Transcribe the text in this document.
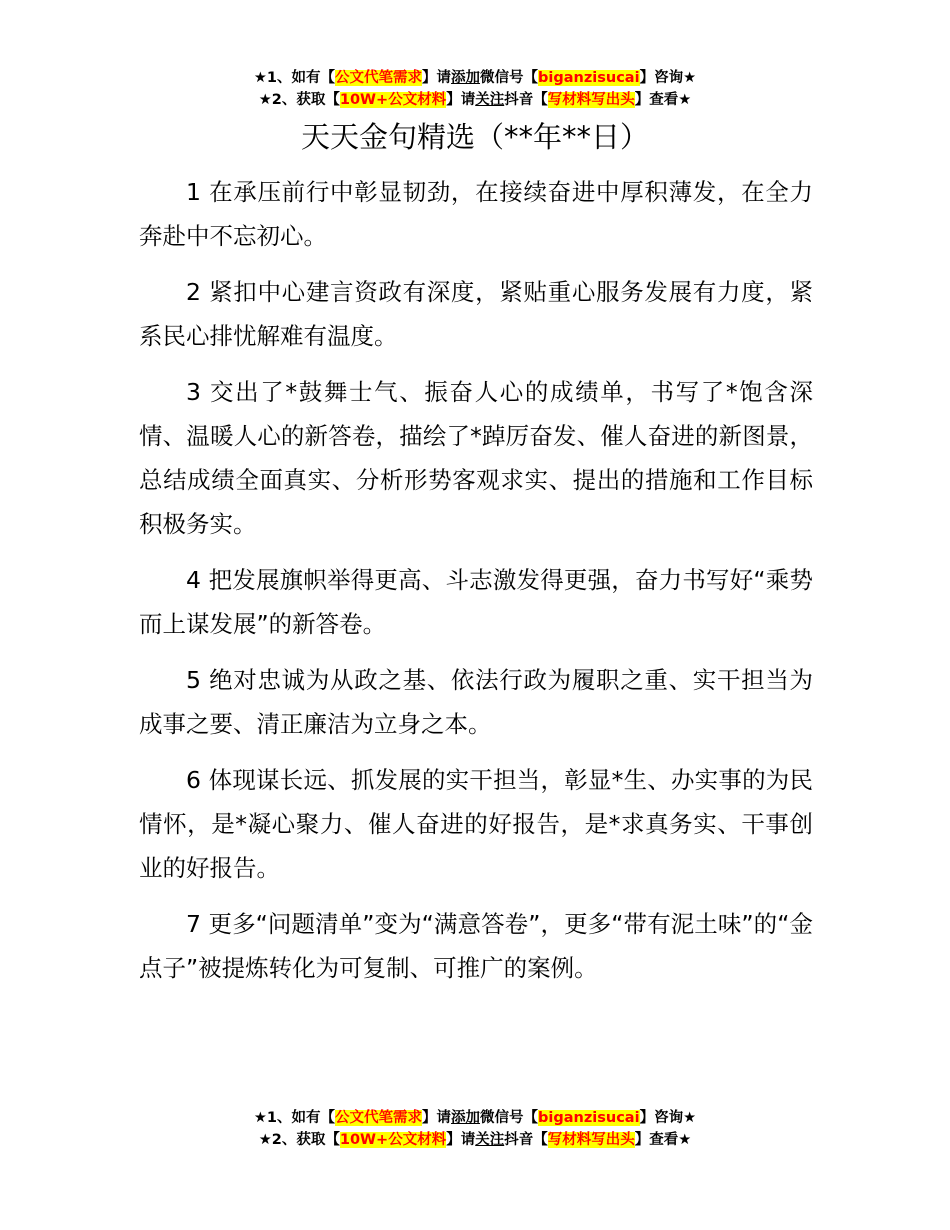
★1、如有【公文代笔需求】请添加微信号【biganzisucai】咨询★
★2、获取【10W+公文材料】请关注抖音【写材料写出头】查看★
天天金句精选（**年**日）

1 在承压前行中彰显韧劲，在接续奋进中厚积薄发，在全力奔赴中不忘初心。

2 紧扣中心建言资政有深度，紧贴重心服务发展有力度，紧系民心排忧解难有温度。

3 交出了*鼓舞士气、振奋人心的成绩单，书写了*饱含深情、温暖人心的新答卷，描绘了*踔厉奋发、催人奋进的新图景，总结成绩全面真实、分析形势客观求实、提出的措施和工作目标积极务实。

4 把发展旗帜举得更高、斗志激发得更强，奋力书写好“乘势而上谋发展”的新答卷。

5 绝对忠诚为从政之基、依法行政为履职之重、实干担当为成事之要、清正廉洁为立身之本。

6 体现谋长远、抓发展的实干担当，彰显*生、办实事的为民情怀，是*凝心聚力、催人奋进的好报告，是*求真务实、干事创业的好报告。

7 更多“问题清单”变为“满意答卷”，更多“带有泥土味”的“金点子”被提炼转化为可复制、可推广的案例。

★1、如有【公文代笔需求】请添加微信号【biganzisucai】咨询★
★2、获取【10W+公文材料】请关注抖音【写材料写出头】查看★
